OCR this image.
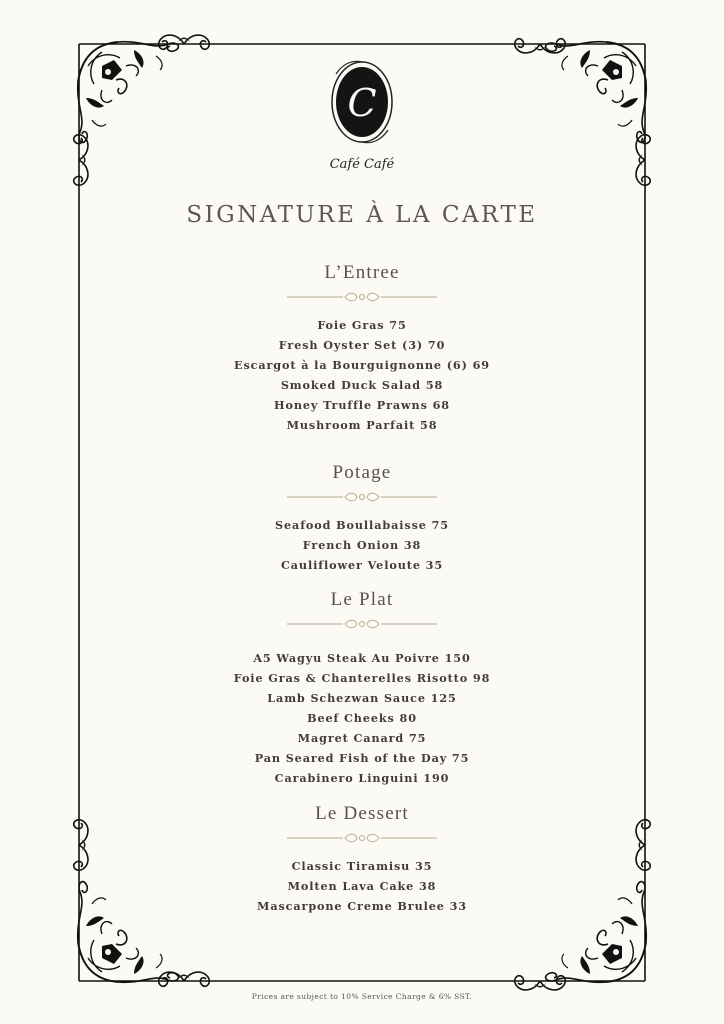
C
Café Café
SIGNATURE À LA CARTE
L’Entree
Foie Gras 75
Fresh Oyster Set (3) 70
Escargot à la Bourguignonne (6) 69
Smoked Duck Salad 58
Honey Truffle Prawns 68
Mushroom Parfait 58
Potage
Seafood Boullabaisse 75
French Onion 38
Cauliflower Veloute 35
Le Plat
A5 Wagyu Steak Au Poivre 150
Foie Gras & Chanterelles Risotto 98
Lamb Schezwan Sauce 125
Beef Cheeks 80
Magret Canard 75
Pan Seared Fish of the Day 75
Carabinero Linguini 190
Le Dessert
Classic Tiramisu 35
Molten Lava Cake 38
Mascarpone Creme Brulee 33
Prices are subject to 10% Service Charge & 6% SST.
